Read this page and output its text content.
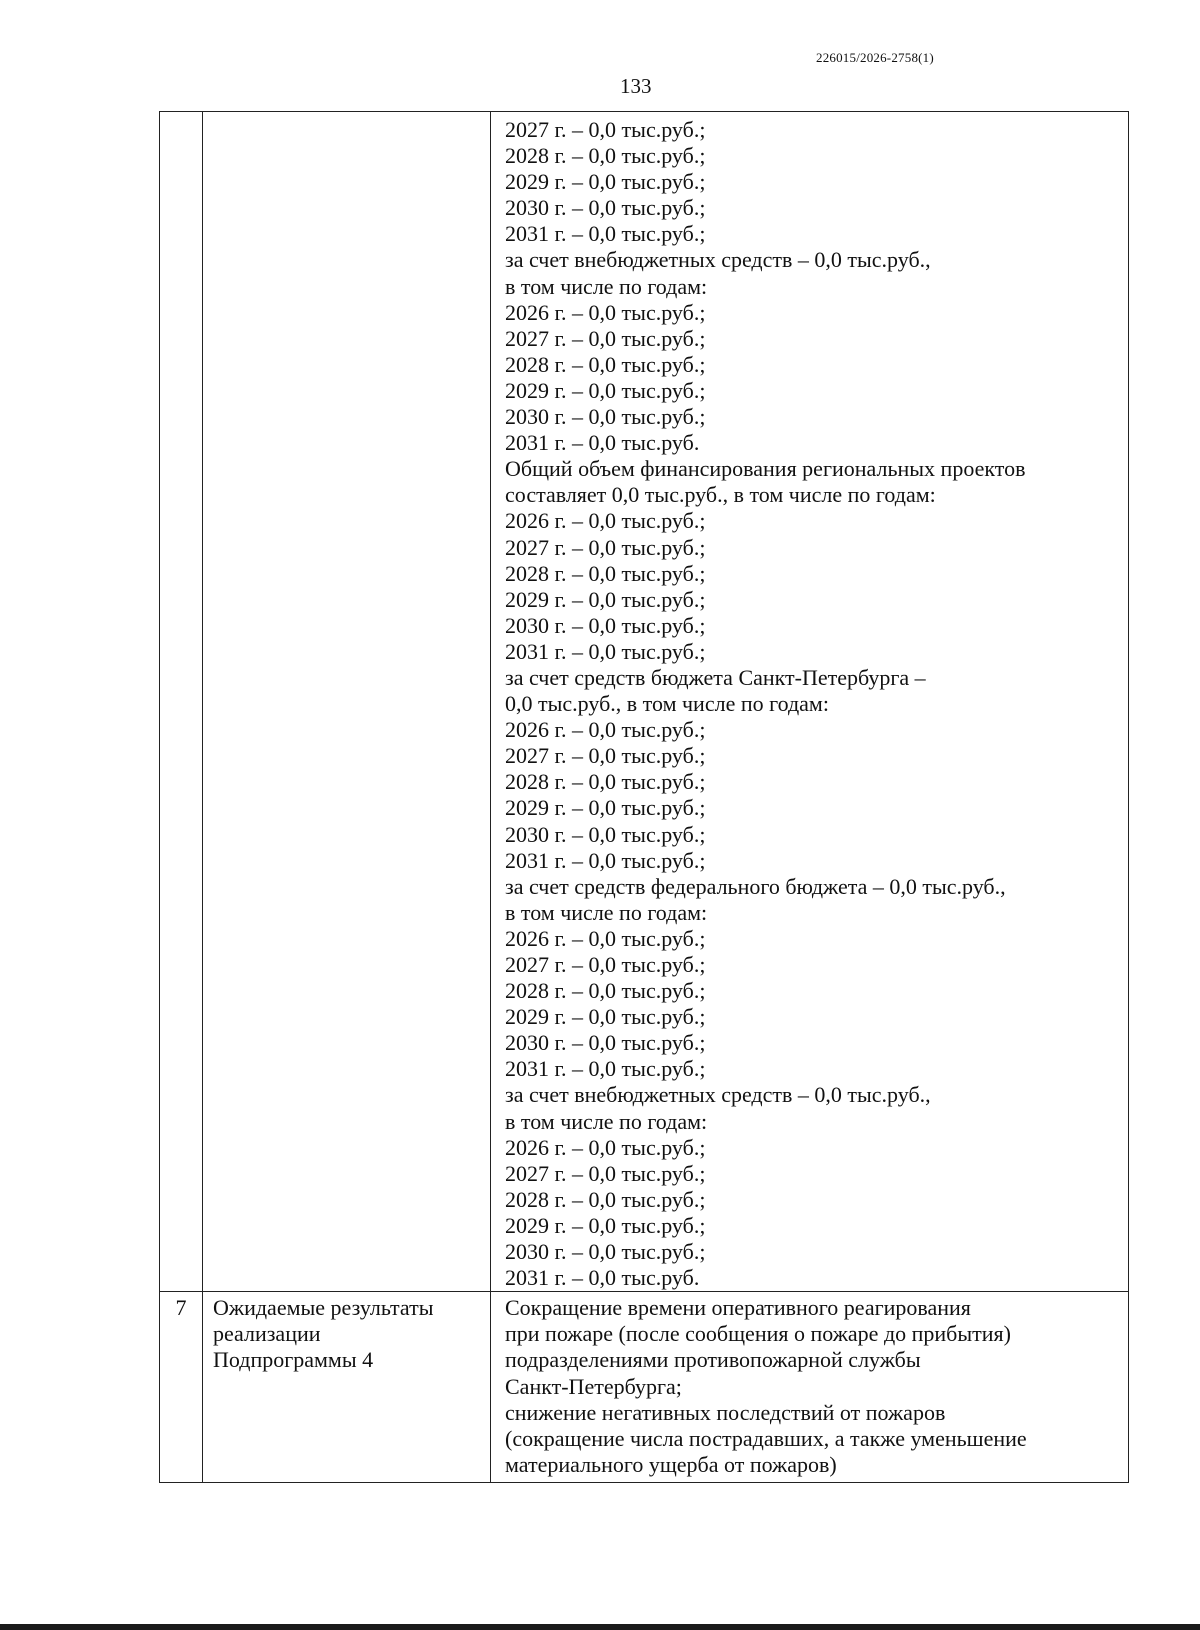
226015/2026-2758(1)
133
2027 г. – 0,0 тыс.руб.;
2028 г. – 0,0 тыс.руб.;
2029 г. – 0,0 тыс.руб.;
2030 г. – 0,0 тыс.руб.;
2031 г. – 0,0 тыс.руб.;
за счет внебюджетных средств – 0,0 тыс.руб.,
в том числе по годам:
2026 г. – 0,0 тыс.руб.;
2027 г. – 0,0 тыс.руб.;
2028 г. – 0,0 тыс.руб.;
2029 г. – 0,0 тыс.руб.;
2030 г. – 0,0 тыс.руб.;
2031 г. – 0,0 тыс.руб.
Общий объем финансирования региональных проектов
составляет 0,0 тыс.руб., в том числе по годам:
2026 г. – 0,0 тыс.руб.;
2027 г. – 0,0 тыс.руб.;
2028 г. – 0,0 тыс.руб.;
2029 г. – 0,0 тыс.руб.;
2030 г. – 0,0 тыс.руб.;
2031 г. – 0,0 тыс.руб.;
за счет средств бюджета Санкт-Петербурга –
0,0 тыс.руб., в том числе по годам:
2026 г. – 0,0 тыс.руб.;
2027 г. – 0,0 тыс.руб.;
2028 г. – 0,0 тыс.руб.;
2029 г. – 0,0 тыс.руб.;
2030 г. – 0,0 тыс.руб.;
2031 г. – 0,0 тыс.руб.;
за счет средств федерального бюджета – 0,0 тыс.руб.,
в том числе по годам:
2026 г. – 0,0 тыс.руб.;
2027 г. – 0,0 тыс.руб.;
2028 г. – 0,0 тыс.руб.;
2029 г. – 0,0 тыс.руб.;
2030 г. – 0,0 тыс.руб.;
2031 г. – 0,0 тыс.руб.;
за счет внебюджетных средств – 0,0 тыс.руб.,
в том числе по годам:
2026 г. – 0,0 тыс.руб.;
2027 г. – 0,0 тыс.руб.;
2028 г. – 0,0 тыс.руб.;
2029 г. – 0,0 тыс.руб.;
2030 г. – 0,0 тыс.руб.;
2031 г. – 0,0 тыс.руб.
7	Ожидаемые результаты
реализации
Подпрограммы 4
Сокращение времени оперативного реагирования
при пожаре (после сообщения о пожаре до прибытия)
подразделениями противопожарной службы
Санкт-Петербурга;
снижение негативных последствий от пожаров
(сокращение числа пострадавших, а также уменьшение
материального ущерба от пожаров)
